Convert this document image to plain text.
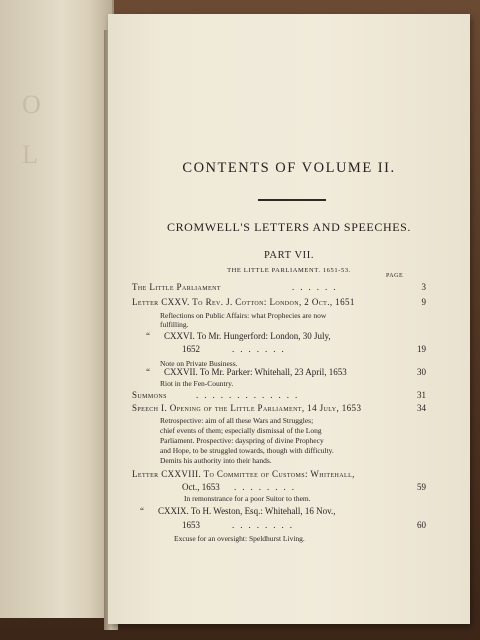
O
L	CONTENTS OF VOLUME II.
CROMWELL'S LETTERS AND SPEECHES.
PART VII.
THE LITTLE PARLIAMENT. 1651-53.
PAGE
The Little Parliament	......	3
Letter CXXV. To Rev. J. Cotton: London, 2 Oct., 1651	9
Reflections on Public Affairs: what Prophecies are now
fulfilling.
“ CXXVI. To Mr. Hungerford: London, 30 July,
1652	.......	19
Note on Private Business.
“ CXXVII. To Mr. Parker: Whitehall, 23 April, 1653	30
Riot in the Fen-Country.
Summons	.............	31
Speech I. Opening of the Little Parliament, 14 July, 1653	34
Retrospective: aim of all these Wars and Struggles;
chief events of them; especially dismissal of the Long
Parliament. Prospective: dayspring of divine Prophecy
and Hope, to be struggled towards, though with difficulty.
Demits his authority into their hands.
Letter CXXVIII. To Committee of Customs: Whitehall,
Oct., 1653 ........	59
In remonstrance for a poor Suitor to them.
“ CXXIX. To H. Weston, Esq.: Whitehall, 16 Nov.,
1653	........	60
Excuse for an oversight: Speldhurst Living.
